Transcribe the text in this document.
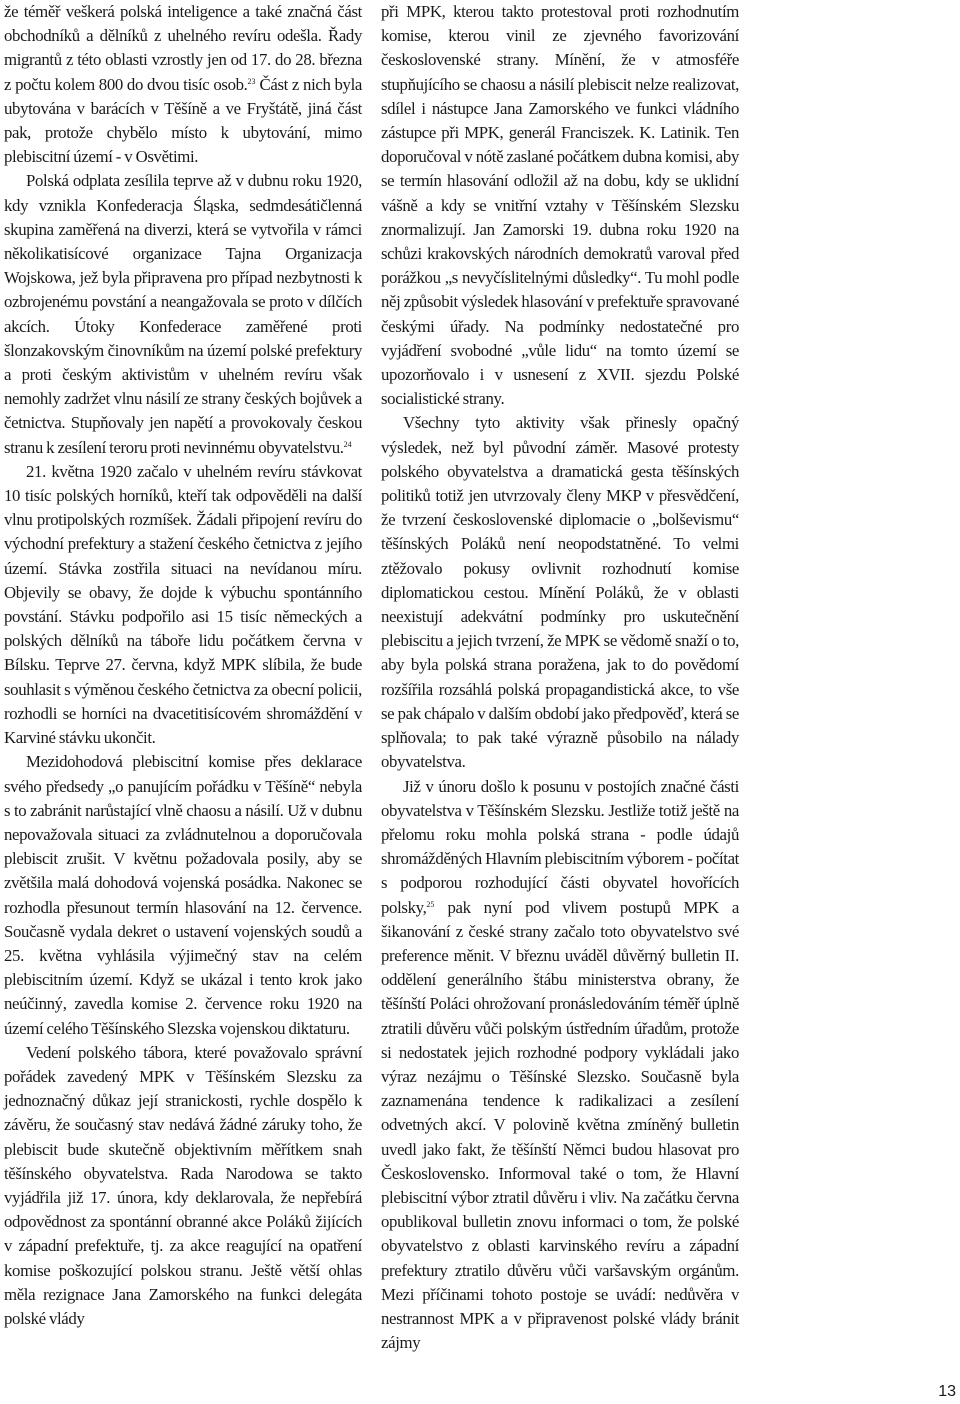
že téměř veškerá polská inteligence a také značná část obchodníků a dělníků z uhelného revíru odešla. Řady migrantů z této oblasti vzrostly jen od 17. do 28. března z počtu kolem 800 do dvou tisíc osob.$^{23}$ Část z nich byla ubytována v barácích v Těšíně a ve Fryštátě, jiná část pak, protože chybělo místo k ubytování, mimo plebiscitní území - v Osvětimi.

Polská odplata zesílila teprve až v dubnu roku 1920, kdy vznikla Konfederacja Śląska, sedmdesátičlenná skupina zaměřená na diverzi, která se vytvořila v rámci několikatisícové organizace Tajna Organizacja Wojskowa, jež byla připravena pro případ nezbytnosti k ozbrojenému povstání a neangažovala se proto v dílčích akcích. Útoky Konfederace zaměřené proti šlonzakovským činovníkům na území polské prefektury a proti českým aktivistům v uhelném revíru však nemohly zadržet vlnu násilí ze strany českých bojůvek a četnictva. Stupňovaly jen napětí a provokovaly českou stranu k zesílení teroru proti nevinnému obyvatelstvu.$^{24}$

21. května 1920 začalo v uhelném revíru stávkovat 10 tisíc polských horníků, kteří tak odpověděli na další vlnu protipolských rozmíšek. Žádali připojení revíru do východní prefektury a stažení českého četnictva z jejího území. Stávka zostřila situaci na nevídanou míru. Objevily se obavy, že dojde k výbuchu spontánního povstání. Stávku podpořilo asi 15 tisíc německých a polských dělníků na táboře lidu počátkem června v Bílsku. Teprve 27. června, když MPK slíbila, že bude souhlasit s výměnou českého četnictva za obecní policii, rozhodli se horníci na dvacetitisícovém shromáždění v Karviné stávku ukončit.

Mezidohodová plebiscitní komise přes deklarace svého předsedy „o panujícím pořádku v Těšíně“ nebyla s to zabránit narůstající vlně chaosu a násilí. Už v dubnu nepovažovala situaci za zvládnutelnou a doporučovala plebiscit zrušit. V květnu požadovala posily, aby se zvětšila malá dohodová vojenská posádka. Nakonec se rozhodla přesunout termín hlasování na 12. července. Současně vydala dekret o ustavení vojenských soudů a 25. května vyhlásila výjimečný stav na celém plebiscitním území. Když se ukázal i tento krok jako neúčinný, zavedla komise 2. července roku 1920 na území celého Těšínského Slezska vojenskou diktaturu.

Vedení polského tábora, které považovalo správní pořádek zavedený MPK v Těšínském Slezsku za jednoznačný důkaz její stranickosti, rychle dospělo k závěru, že současný stav nedává žádné záruky toho, že plebiscit bude skutečně objektivním měřítkem snah těšínského obyvatelstva. Rada Narodowa se takto vyjádřila již 17. února, kdy deklarovala, že nepřebírá odpovědnost za spontánní obranné akce Poláků žijících v západní prefektuře, tj. za akce reagující na opatření komise poškozující polskou stranu. Ještě větší ohlas měla rezignace Jana Zamorského na funkci delegáta polské vlády

při MPK, kterou takto protestoval proti rozhodnutím komise, kterou vinil ze zjevného favorizování československé strany. Mínění, že v atmosféře stupňujícího se chaosu a násilí plebiscit nelze realizovat, sdílel i nástupce Jana Zamorského ve funkci vládního zástupce při MPK, generál Franciszek. K. Latinik. Ten doporučoval v nótě zaslané počátkem dubna komisi, aby se termín hlasování odložil až na dobu, kdy se uklidní vášně a kdy se vnitřní vztahy v Těšínském Slezsku znormalizují. Jan Zamorski 19. dubna roku 1920 na schůzi krakovských národních demokratů varoval před porážkou „s nevyčíslitelnými důsledky“. Tu mohl podle něj způsobit výsledek hlasování v prefektuře spravované českými úřady. Na podmínky nedostatečné pro vyjádření svobodné „vůle lidu“ na tomto území se upozorňovalo i v usnesení z XVII. sjezdu Polské socialistické strany.

Všechny tyto aktivity však přinesly opačný výsledek, než byl původní záměr. Masové protesty polského obyvatelstva a dramatická gesta těšínských politiků totiž jen utvrzovaly členy MKP v přesvědčení, že tvrzení československé diplomacie o „bolševismu“ těšínských Poláků není neopodstatněné. To velmi ztěžovalo pokusy ovlivnit rozhodnutí komise diplomatickou cestou. Mínění Poláků, že v oblasti neexistují adekvátní podmínky pro uskutečnění plebiscitu a jejich tvrzení, že MPK se vědomě snaží o to, aby byla polská strana poražena, jak to do povědomí rozšířila rozsáhlá polská propagandistická akce, to vše se pak chápalo v dalším období jako předpověď, která se splňovala; to pak také výrazně působilo na nálady obyvatelstva.

Již v únoru došlo k posunu v postojích značné části obyvatelstva v Těšínském Slezsku. Jestliže totiž ještě na přelomu roku mohla polská strana - podle údajů shromážděných Hlavním plebiscitním výborem - počítat s podporou rozhodující části obyvatel hovořících polsky,$^{25}$ pak nyní pod vlivem postupů MPK a šikanování z české strany začalo toto obyvatelstvo své preference měnit. V březnu uváděl důvěrný bulletin II. oddělení generálního štábu ministerstva obrany, že těšínští Poláci ohrožovaní pronásledováním téměř úplně ztratili důvěru vůči polským ústředním úřadům, protože si nedostatek jejich rozhodné podpory vykládali jako výraz nezájmu o Těšínské Slezsko. Současně byla zaznamenána tendence k radikalizaci a zesílení odvetných akcí. V polovině května zmíněný bulletin uvedl jako fakt, že těšínští Němci budou hlasovat pro Československo. Informoval také o tom, že Hlavní plebiscitní výbor ztratil důvěru i vliv. Na začátku června opublikoval bulletin znovu informaci o tom, že polské obyvatelstvo z oblasti karvinského revíru a západní prefektury ztratilo důvěru vůči varšavským orgánům. Mezi příčinami tohoto postoje se uvádí: nedůvěra v nestrannost MPK a v připravenost polské vlády bránit zájmy

13
